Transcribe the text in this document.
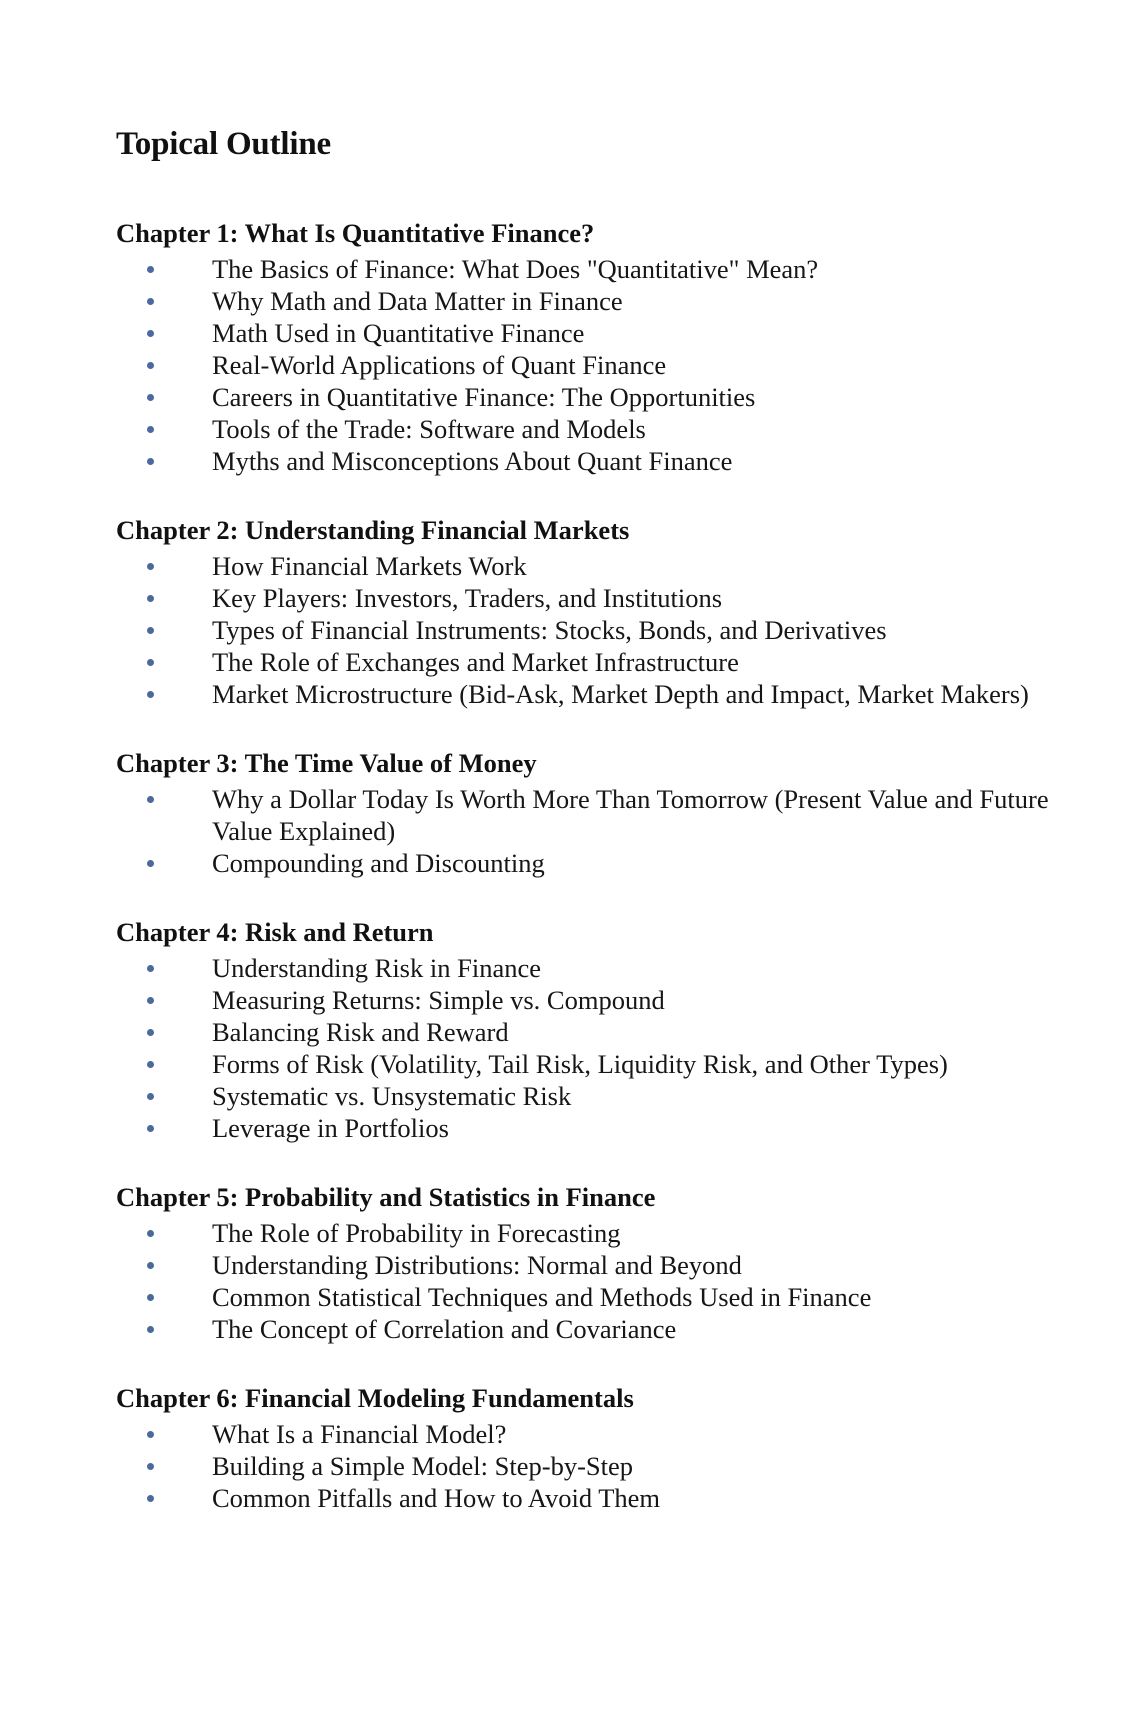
Topical Outline
Chapter 1: What Is Quantitative Finance?
The Basics of Finance: What Does "Quantitative" Mean?
Why Math and Data Matter in Finance
Math Used in Quantitative Finance
Real-World Applications of Quant Finance
Careers in Quantitative Finance: The Opportunities
Tools of the Trade: Software and Models
Myths and Misconceptions About Quant Finance
Chapter 2: Understanding Financial Markets
How Financial Markets Work
Key Players: Investors, Traders, and Institutions
Types of Financial Instruments: Stocks, Bonds, and Derivatives
The Role of Exchanges and Market Infrastructure
Market Microstructure (Bid-Ask, Market Depth and Impact, Market Makers)
Chapter 3: The Time Value of Money
Why a Dollar Today Is Worth More Than Tomorrow (Present Value and Future Value Explained)
Compounding and Discounting
Chapter 4: Risk and Return
Understanding Risk in Finance
Measuring Returns: Simple vs. Compound
Balancing Risk and Reward
Forms of Risk (Volatility, Tail Risk, Liquidity Risk, and Other Types)
Systematic vs. Unsystematic Risk
Leverage in Portfolios
Chapter 5: Probability and Statistics in Finance
The Role of Probability in Forecasting
Understanding Distributions: Normal and Beyond
Common Statistical Techniques and Methods Used in Finance
The Concept of Correlation and Covariance
Chapter 6: Financial Modeling Fundamentals
What Is a Financial Model?
Building a Simple Model: Step-by-Step
Common Pitfalls and How to Avoid Them
